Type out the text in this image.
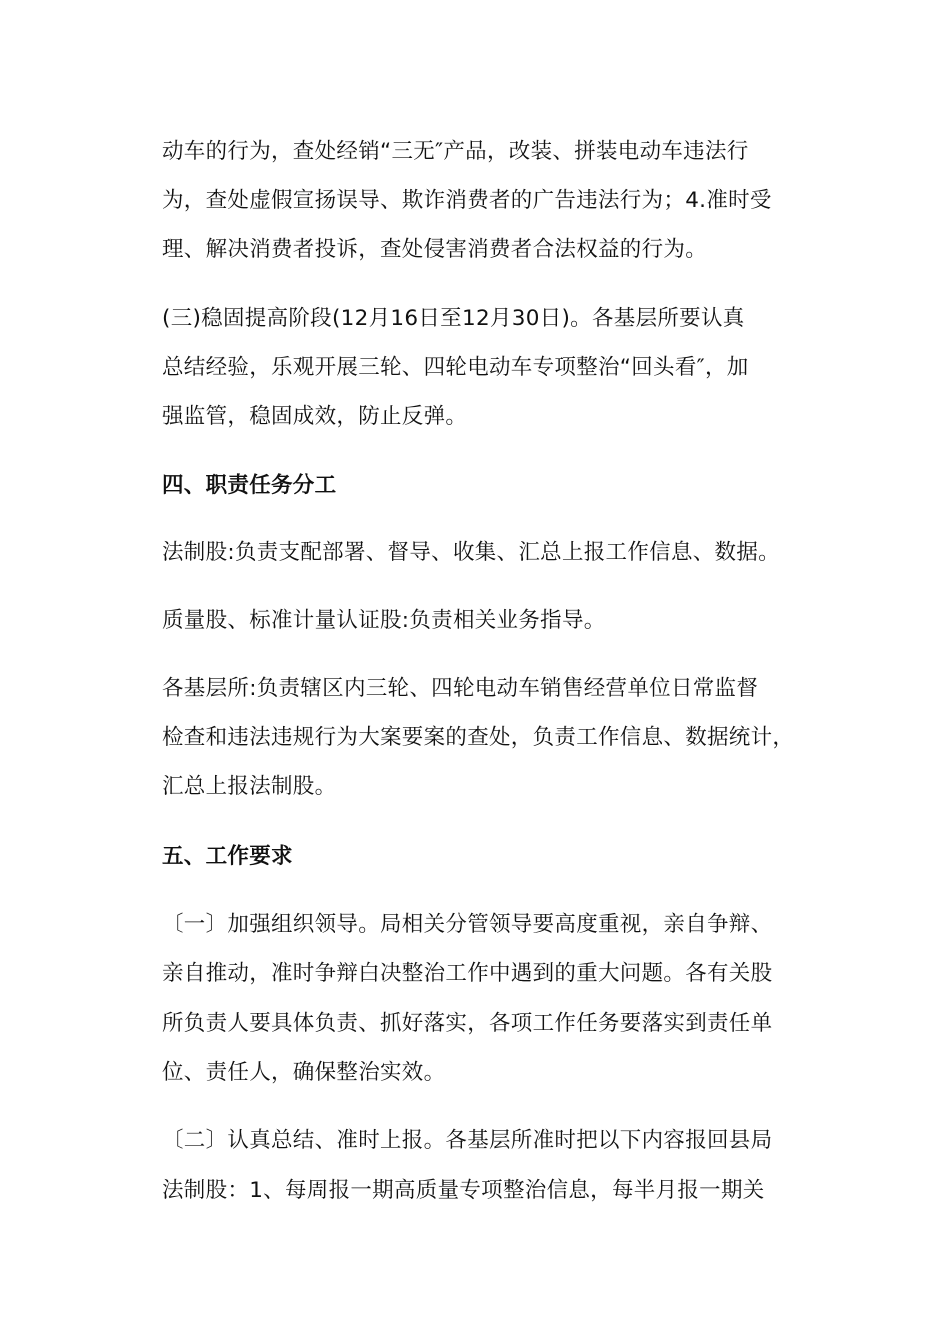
动车的行为，查处经销“三无″产品，改装、拼装电动车违法行

为，查处虚假宣扬误导、欺诈消费者的广告违法行为；4.准时受

理、解决消费者投诉，查处侵害消费者合法权益的行为。

(三)稳固提高阶段(12月16日至12月30日)。各基层所要认真

总结经验，乐观开展三轮、四轮电动车专项整治“回头看″，加

强监管，稳固成效，防止反弹。

四、职责任务分工

法制股:负责支配部署、督导、收集、汇总上报工作信息、数据。

质量股、标准计量认证股:负责相关业务指导。

各基层所:负责辖区内三轮、四轮电动车销售经营单位日常监督

检查和违法违规行为大案要案的查处，负责工作信息、数据统计，

汇总上报法制股。

五、工作要求

〔一〕加强组织领导。局相关分管领导要高度重视，亲自争辩、

亲自推动，准时争辩白决整治工作中遇到的重大问题。各有关股

所负责人要具体负责、抓好落实，各项工作任务要落实到责任单

位、责任人，确保整治实效。

〔二〕认真总结、准时上报。各基层所准时把以下内容报回县局

法制股：1、每周报一期高质量专项整治信息，每半月报一期关
